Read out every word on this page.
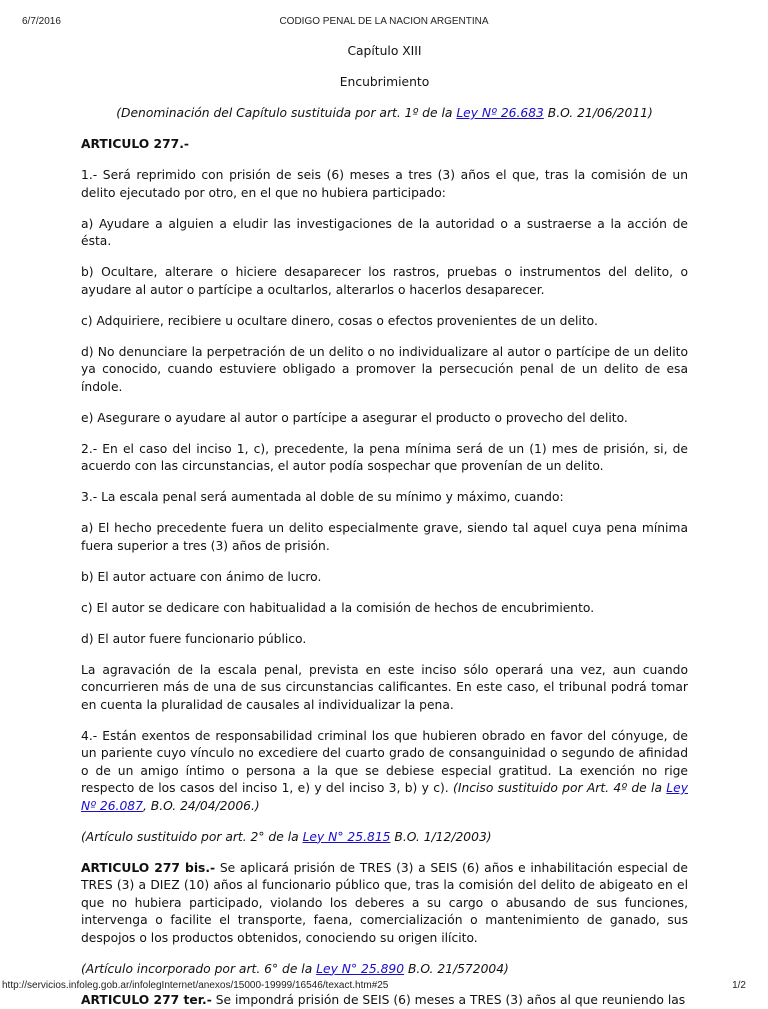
6/7/2016	CODIGO PENAL DE LA NACION ARGENTINA

Capítulo XIII

Encubrimiento

(Denominación del Capítulo sustituida por art. 1º de la Ley Nº 26.683 B.O. 21/06/2011)

ARTICULO 277.-

1.- Será reprimido con prisión de seis (6) meses a tres (3) años el que, tras la comisión de un delito ejecutado por otro, en el que no hubiera participado:

a) Ayudare a alguien a eludir las investigaciones de la autoridad o a sustraerse a la acción de ésta.

b) Ocultare, alterare o hiciere desaparecer los rastros, pruebas o instrumentos del delito, o ayudare al autor o partícipe a ocultarlos, alterarlos o hacerlos desaparecer.

c) Adquiriere, recibiere u ocultare dinero, cosas o efectos provenientes de un delito.

d) No denunciare la perpetración de un delito o no individualizare al autor o partícipe de un delito ya conocido, cuando estuviere obligado a promover la persecución penal de un delito de esa índole.

e) Asegurare o ayudare al autor o partícipe a asegurar el producto o provecho del delito.

2.- En el caso del inciso 1, c), precedente, la pena mínima será de un (1) mes de prisión, si, de acuerdo con las circunstancias, el autor podía sospechar que provenían de un delito.

3.- La escala penal será aumentada al doble de su mínimo y máximo, cuando:

a) El hecho precedente fuera un delito especialmente grave, siendo tal aquel cuya pena mínima fuera superior a tres (3) años de prisión.

b) El autor actuare con ánimo de lucro.

c) El autor se dedicare con habitualidad a la comisión de hechos de encubrimiento.

d) El autor fuere funcionario público.

La agravación de la escala penal, prevista en este inciso sólo operará una vez, aun cuando concurrieren más de una de sus circunstancias calificantes. En este caso, el tribunal podrá tomar en cuenta la pluralidad de causales al individualizar la pena.

4.- Están exentos de responsabilidad criminal los que hubieren obrado en favor del cónyuge, de un pariente cuyo vínculo no excediere del cuarto grado de consanguinidad o segundo de afinidad o de un amigo íntimo o persona a la que se debiese especial gratitud. La exención no rige respecto de los casos del inciso 1, e) y del inciso 3, b) y c). (Inciso sustituido por Art. 4º de la Ley Nº 26.087, B.O. 24/04/2006.)

(Artículo sustituido por art. 2° de la Ley N° 25.815 B.O. 1/12/2003)

ARTICULO 277 bis.- Se aplicará prisión de TRES (3) a SEIS (6) años e inhabilitación especial de TRES (3) a DIEZ (10) años al funcionario público que, tras la comisión del delito de abigeato en el que no hubiera participado, violando los deberes a su cargo o abusando de sus funciones, intervenga o facilite el transporte, faena, comercialización o mantenimiento de ganado, sus despojos o los productos obtenidos, conociendo su origen ilícito.

(Artículo incorporado por art. 6° de la Ley N° 25.890 B.O. 21/572004)

ARTICULO 277 ter.- Se impondrá prisión de SEIS (6) meses a TRES (3) años al que reuniendo las

http://servicios.infoleg.gob.ar/infolegInternet/anexos/15000-19999/16546/texact.htm#25	1/2
